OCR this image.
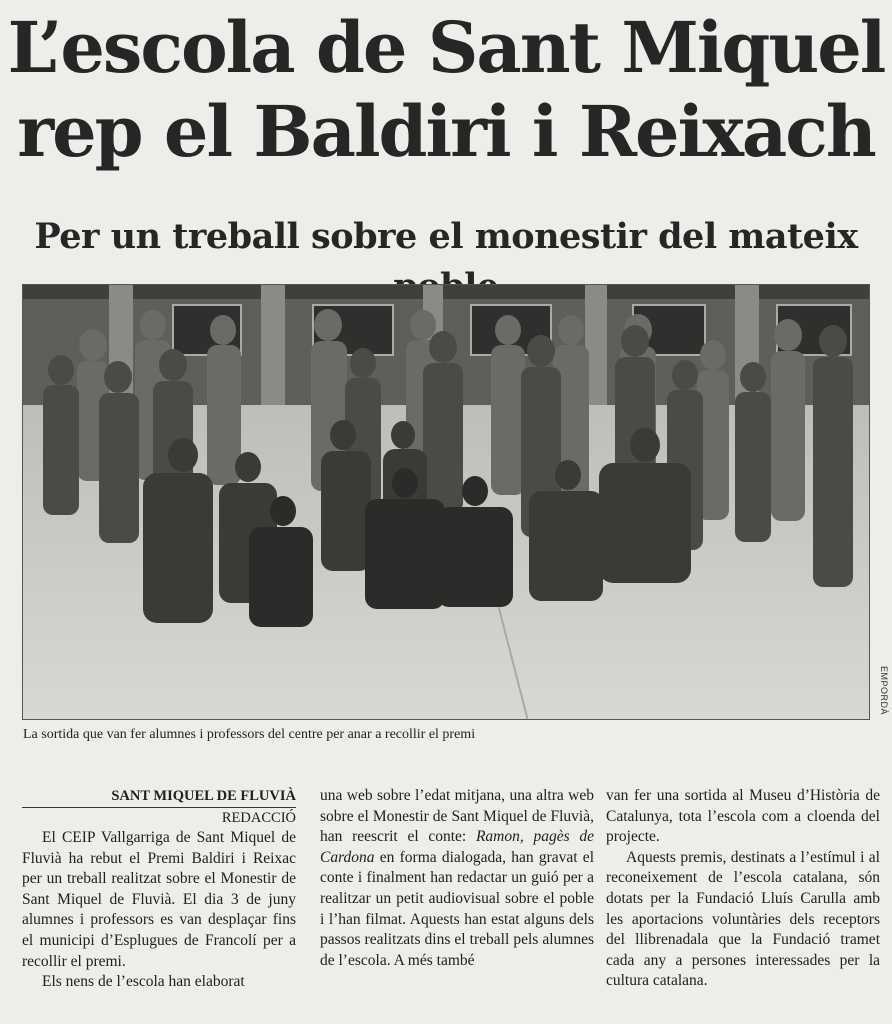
L’escola de Sant Miquel
rep el Baldiri i Reixach
Per un treball sobre el monestir del mateix
EMPORDÀ
La sortida que van fer alumnes i professors del centre per anar a recollir el premi
SANT MIQUEL DE FLUVIÀ
REDACCIÓ

El CEIP Vallgarriga de Sant Miquel de Fluvià ha rebut el Premi Baldiri i Reixac per un treball realitzat sobre el Monestir de Sant Miquel de Fluvià. El dia 3 de juny alumnes i professors es van desplaçar fins el municipi d’Esplugues de Francolí per a recollir el premi.

Els nens de l’escola han elaborat

una web sobre l’edat mitjana, una altra web sobre el Monestir de Sant Miquel de Fluvià, han reescrit el conte: Ramon, pagès de Cardona en forma dialogada, han gravat el conte i finalment han redactar un guió per a realitzar un petit audiovisual sobre el poble i l’han filmat. Aquests han estat alguns dels passos realitzats dins el treball pels alumnes de l’escola. A més també

van fer una sortida al Museu d’Història de Catalunya, tota l’escola com a cloenda del projecte.

Aquests premis, destinats a l’estímul i al reconeixement de l’escola catalana, són dotats per la Fundació Lluís Carulla amb les aportacions voluntàries dels receptors del llibrenadala que la Fundació tramet cada any a persones interessades per la cultura catalana.
